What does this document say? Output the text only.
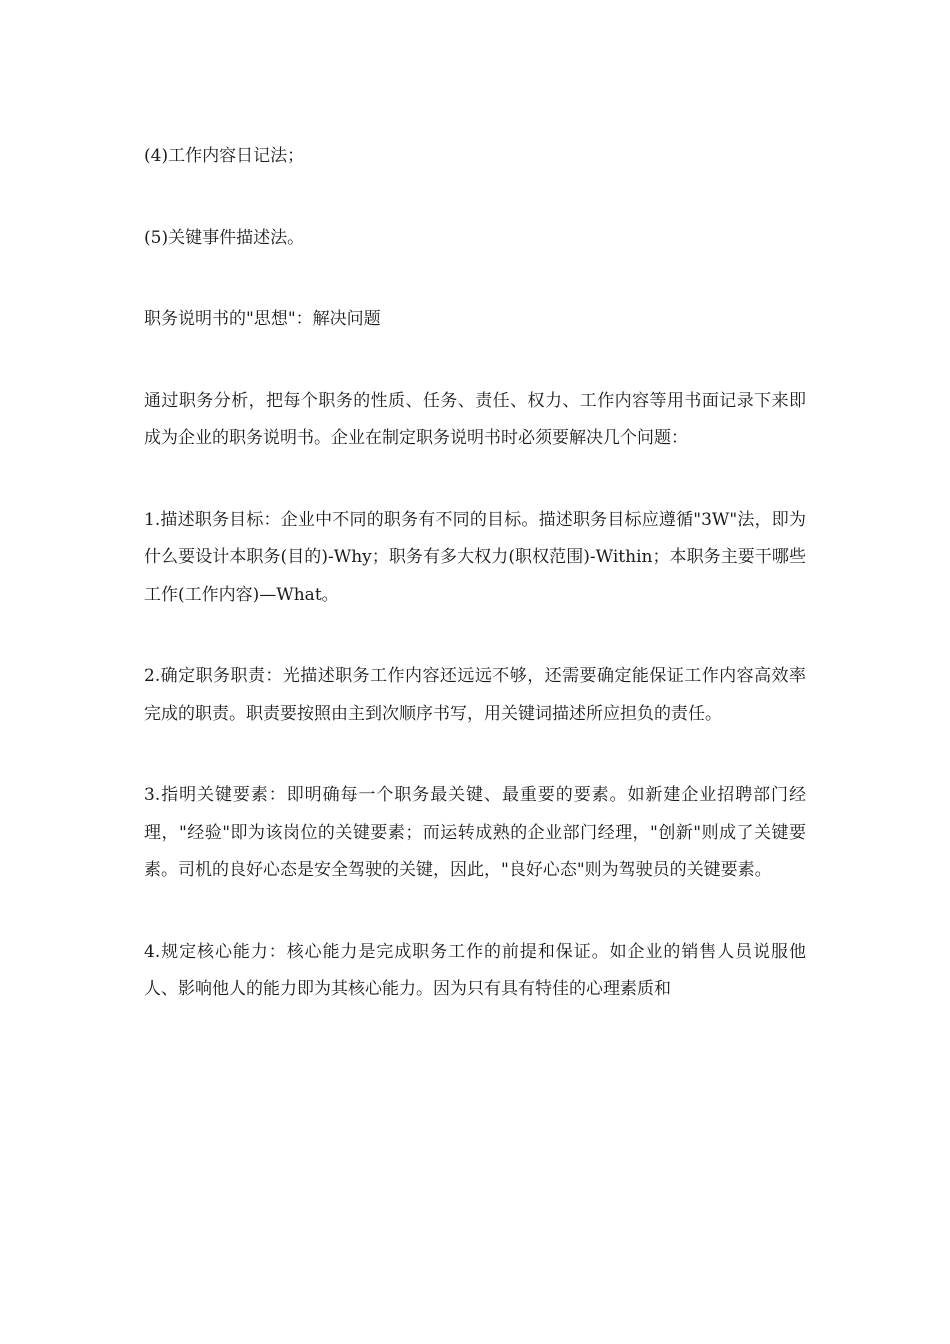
(4)工作内容日记法；

(5)关键事件描述法。

职务说明书的"思想"：解决问题

通过职务分析，把每个职务的性质、任务、责任、权力、工作内容等用书面记录下来即成为企业的职务说明书。企业在制定职务说明书时必须要解决几个问题：

1.描述职务目标：企业中不同的职务有不同的目标。描述职务目标应遵循"3W"法，即为什么要设计本职务(目的)-Why；职务有多大权力(职权范围)-Within；本职务主要干哪些工作(工作内容)—What。

2.确定职务职责：光描述职务工作内容还远远不够，还需要确定能保证工作内容高效率完成的职责。职责要按照由主到次顺序书写，用关键词描述所应担负的责任。

3.指明关键要素：即明确每一个职务最关键、最重要的要素。如新建企业招聘部门经理，"经验"即为该岗位的关键要素；而运转成熟的企业部门经理，"创新"则成了关键要素。司机的良好心态是安全驾驶的关键，因此，"良好心态"则为驾驶员的关键要素。

4.规定核心能力：核心能力是完成职务工作的前提和保证。如企业的销售人员说服他人、影响他人的能力即为其核心能力。因为只有具有特佳的心理素质和
